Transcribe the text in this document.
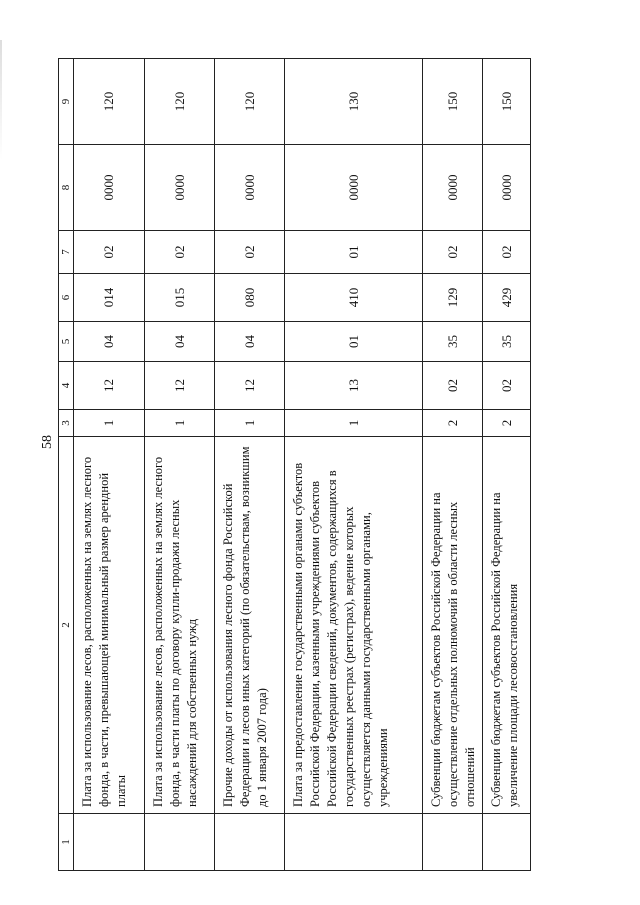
58
1	2	3	4	5	6	7	8	9
	Плата за использование лесов, расположенных на землях лесного фонда, в части, превышающей минимальный размер арендной платы	1	12	04	014	02	0000	120
	Плата за использование лесов, расположенных на землях лесного фонда, в части платы по договору купли-продажи лесных насаждений для собственных нужд	1	12	04	015	02	0000	120
	Прочие доходы от использования лесного фонда Российской Федерации и лесов иных категорий (по обязательствам, возникшим до 1 января 2007 года)	1	12	04	080	02	0000	120
	Плата за предоставление государственными органами субъектов Российской Федерации, казенными учреждениями субъектов Российской Федерации сведений, документов, содержащихся в государственных реестрах (регистрах), ведение которых осуществляется данными государственными органами, учреждениями	1	13	01	410	01	0000	130
	Субвенции бюджетам субъектов Российской Федерации на осуществление отдельных полномочий в области лесных отношений	2	02	35	129	02	0000	150
	Субвенции бюджетам субъектов Российской Федерации на увеличение площади лесовосстановления	2	02	35	429	02	0000	150
